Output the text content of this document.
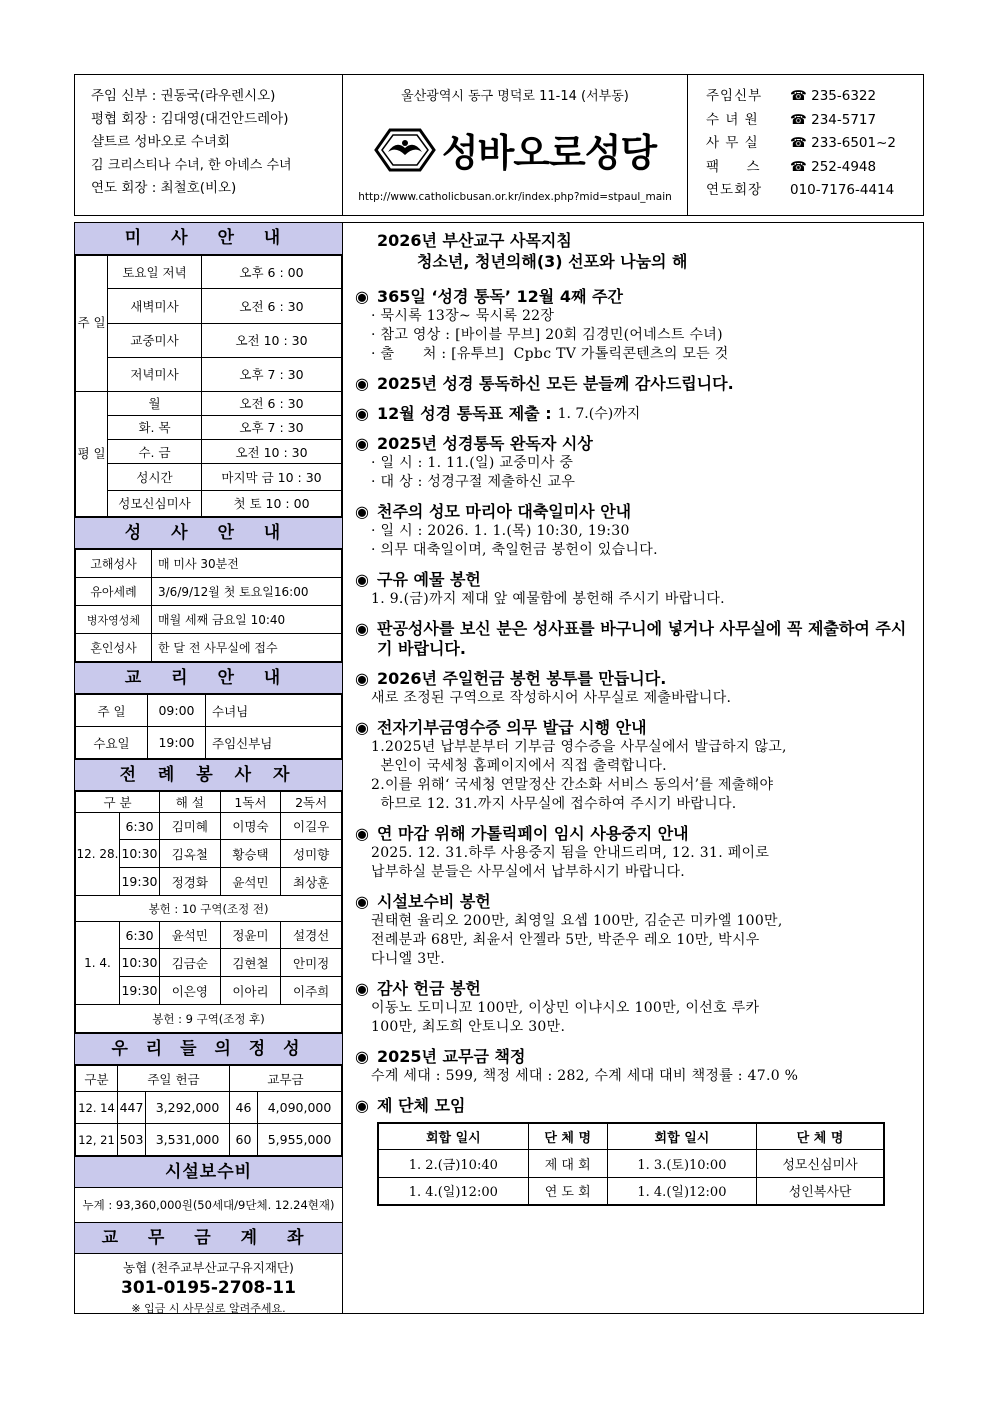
주임 신부 : 권동국(라우렌시오)
평협 회장 : 김대영(대건안드레아)
샬트르 성바오로 수녀회
김 크리스티나 수녀, 한 아녜스 수녀
연도 회장 : 최철호(비오)
울산광역시 동구 명덕로 11-14 (서부동)
성바오로성당
http://www.catholicbusan.or.kr/index.php?mid=stpaul_main
주임신부	☎ 235-6322
수 녀 원	☎ 234-5717
사 무 실	☎ 233-6501~2
팩     스	☎ 252-4948
연도회장	010-7176-4414
미 사 안 내
주 일	토요일 저녁	오후 6 : 00
	새벽미사	오전 6 : 30
	교중미사	오전 10 : 30
	저녁미사	오후 7 : 30
평 일	월	오전 6 : 30
	화. 목	오후 7 : 30
	수. 금	오전 10 : 30
	성시간	마지막 금 10 : 30
	성모신심미사	첫 토 10 : 00
성 사 안 내
고해성사	매 미사 30분전
유아세례	3/6/9/12월 첫 토요일16:00
병자영성체	매월 세째 금요일 10:40
혼인성사	한 달 전 사무실에 접수
교 리 안 내
주 일	09:00	수녀님
수요일	19:00	주임신부님
전 례 봉 사 자
구 분		해 설	1독서	2독서
12. 28.	6:30	김미혜	이명숙	이길우
	10:30	김옥철	황승택	성미향
	19:30	정경화	윤석민	최상훈
봉헌 : 10 구역(조정 전)				
1. 4.	6:30	윤석민	정윤미	설경선
	10:30	김금순	김현철	안미정
	19:30	이은영	이아리	이주희
봉헌 : 9 구역(조정 후)				
우 리 들 의 정 성
구분	주일 헌금		교무금	
12. 14	447	3,292,000	46	4,090,000
12, 21	503	3,531,000	60	5,955,000
시설보수비
누계 : 93,360,000원(50세대/9단체. 12.24현재)
교 무 금 계 좌
농협 (천주교부산교구유지재단)
301-0195-2708-11
※ 입금 시 사무실로 알려주세요.
2026년 부산교구 사목지침
청소년, 청년의해(3) 선포와 나눔의 해
◉ 365일 ‘성경 통독’ 12월 4째 주간
· 묵시록 13장~ 묵시록 22장
· 참고 영상 : [바이블 무브] 20회 김경민(어네스트 수녀)
· 출      처 : [유투브]  Cpbc TV 가톨릭콘텐츠의 모든 것
◉ 2025년 성경 통독하신 모든 분들께 감사드립니다.
◉ 12월 성경 통독표 제출 : 1. 7.(수)까지
◉ 2025년 성경통독 완독자 시상
· 일 시 : 1. 11.(일) 교중미사 중
· 대 상 : 성경구절 제출하신 교우
◉ 천주의 성모 마리아 대축일미사 안내
· 일 시 : 2026. 1. 1.(목) 10:30, 19:30
· 의무 대축일이며, 축일헌금 봉헌이 있습니다.
◉ 구유 예물 봉헌
1. 9.(금)까지 제대 앞 예물함에 봉헌해 주시기 바랍니다.
◉ 판공성사를 보신 분은 성사표를 바구니에 넣거나 사무실에 꼭 제출하여 주시기 바랍니다.
◉ 2026년 주일헌금 봉헌 봉투를 만듭니다.
새로 조정된 구역으로 작성하시어 사무실로 제출바랍니다.
◉ 전자기부금영수증 의무 발급 시행 안내
1.2025년 납부분부터 기부금 영수증을 사무실에서 발급하지 않고,
본인이 국세청 홈페이지에서 직접 출력합니다.
2.이를 위해‘ 국세청 연말정산 간소화 서비스 동의서’를 제출해야
하므로 12. 31.까지 사무실에 접수하여 주시기 바랍니다.
◉ 연 마감 위해 가톨릭페이 임시 사용중지 안내
2025. 12. 31.하루 사용중지 됨을 안내드리며, 12. 31. 페이로
납부하실 분들은 사무실에서 납부하시기 바랍니다.
◉ 시설보수비 봉헌
권태현 율리오 200만, 최영일 요셉 100만, 김순곤 미카엘 100만,
전례분과 68만, 최윤서 안젤라 5만, 박준우 레오 10만, 박시우
다니엘 3만.
◉ 감사 헌금 봉헌
이동노 도미니꼬 100만, 이상민 이냐시오 100만, 이선호 루카
100만, 최도희 안토니오 30만.
◉ 2025년 교무금 책정
수계 세대 : 599, 책정 세대 : 282, 수계 세대 대비 책정률 : 47.0 %
◉ 제 단체 모임
회합 일시	단 체 명	회합 일시	단 체 명
1. 2.(금)10:40	제 대 회	1. 3.(토)10:00	성모신심미사
1. 4.(일)12:00	연 도 회	1. 4.(일)12:00	성인복사단
